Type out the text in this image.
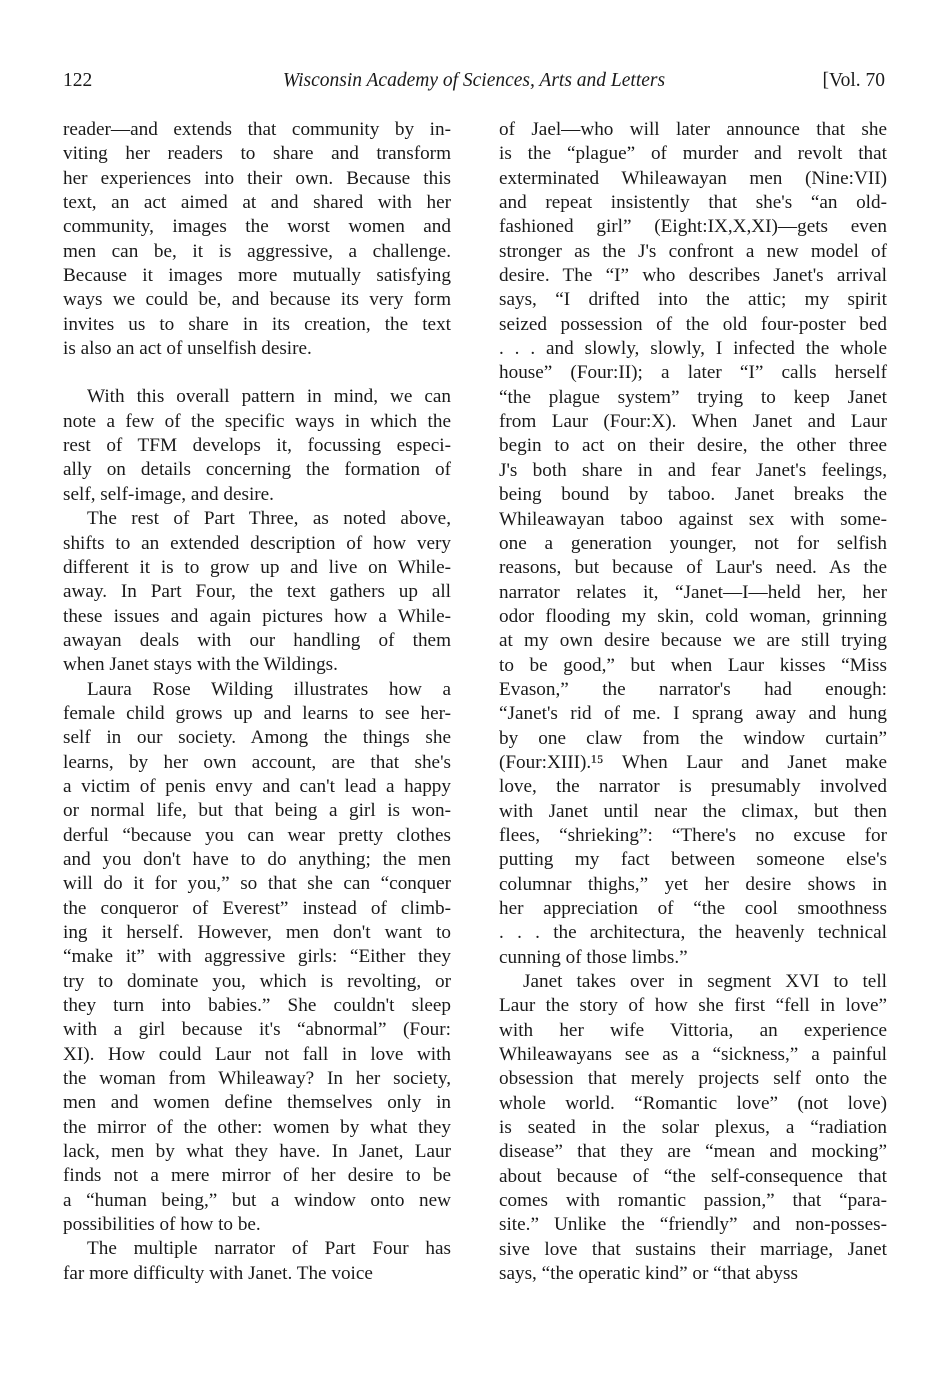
122	Wisconsin Academy of Sciences, Arts and Letters	[Vol. 70

reader—and extends that community by in-
viting her readers to share and transform
her experiences into their own. Because this
text, an act aimed at and shared with her
community, images the worst women and
men can be, it is aggressive, a challenge.
Because it images more mutually satisfying
ways we could be, and because its very form
invites us to share in its creation, the text
is also an act of unselfish desire.

With this overall pattern in mind, we can
note a few of the specific ways in which the
rest of TFM develops it, focussing especi-
ally on details concerning the formation of
self, self-image, and desire.

The rest of Part Three, as noted above,
shifts to an extended description of how very
different it is to grow up and live on While-
away. In Part Four, the text gathers up all
these issues and again pictures how a While-
awayan deals with our handling of them
when Janet stays with the Wildings.

Laura Rose Wilding illustrates how a
female child grows up and learns to see her-
self in our society. Among the things she
learns, by her own account, are that she's
a victim of penis envy and can't lead a happy
or normal life, but that being a girl is won-
derful “because you can wear pretty clothes
and you don't have to do anything; the men
will do it for you,” so that she can “conquer
the conqueror of Everest” instead of climb-
ing it herself. However, men don't want to
“make it” with aggressive girls: “Either they
try to dominate you, which is revolting, or
they turn into babies.” She couldn't sleep
with a girl because it's “abnormal” (Four:
XI). How could Laur not fall in love with
the woman from Whileaway? In her society,
men and women define themselves only in
the mirror of the other: women by what they
lack, men by what they have. In Janet, Laur
finds not a mere mirror of her desire to be
a “human being,” but a window onto new
possibilities of how to be.

The multiple narrator of Part Four has
far more difficulty with Janet. The voice

of Jael—who will later announce that she
is the “plague” of murder and revolt that
exterminated Whileawayan men (Nine:VII)
and repeat insistently that she's “an old-
fashioned girl” (Eight:IX,X,XI)—gets even
stronger as the J's confront a new model of
desire. The “I” who describes Janet's arrival
says, “I drifted into the attic; my spirit
seized possession of the old four-poster bed
. . . and slowly, slowly, I infected the whole
house” (Four:II); a later “I” calls herself
“the plague system” trying to keep Janet
from Laur (Four:X). When Janet and Laur
begin to act on their desire, the other three
J's both share in and fear Janet's feelings,
being bound by taboo. Janet breaks the
Whileawayan taboo against sex with some-
one a generation younger, not for selfish
reasons, but because of Laur's need. As the
narrator relates it, “Janet—I—held her, her
odor flooding my skin, cold woman, grinning
at my own desire because we are still trying
to be good,” but when Laur kisses “Miss
Evason,” the narrator's had enough:
“Janet's rid of me. I sprang away and hung
by one claw from the window curtain”
(Four:XIII).¹⁵ When Laur and Janet make
love, the narrator is presumably involved
with Janet until near the climax, but then
flees, “shrieking”: “There's no excuse for
putting my fact between someone else's
columnar thighs,” yet her desire shows in
her appreciation of “the cool smoothness
. . . the architectura, the heavenly technical
cunning of those limbs.”

Janet takes over in segment XVI to tell
Laur the story of how she first “fell in love”
with her wife Vittoria, an experience
Whileawayans see as a “sickness,” a painful
obsession that merely projects self onto the
whole world. “Romantic love” (not love)
is seated in the solar plexus, a “radiation
disease” that they are “mean and mocking”
about because of “the self-consequence that
comes with romantic passion,” that “para-
site.” Unlike the “friendly” and non-posses-
sive love that sustains their marriage, Janet
says, “the operatic kind” or “that abyss
